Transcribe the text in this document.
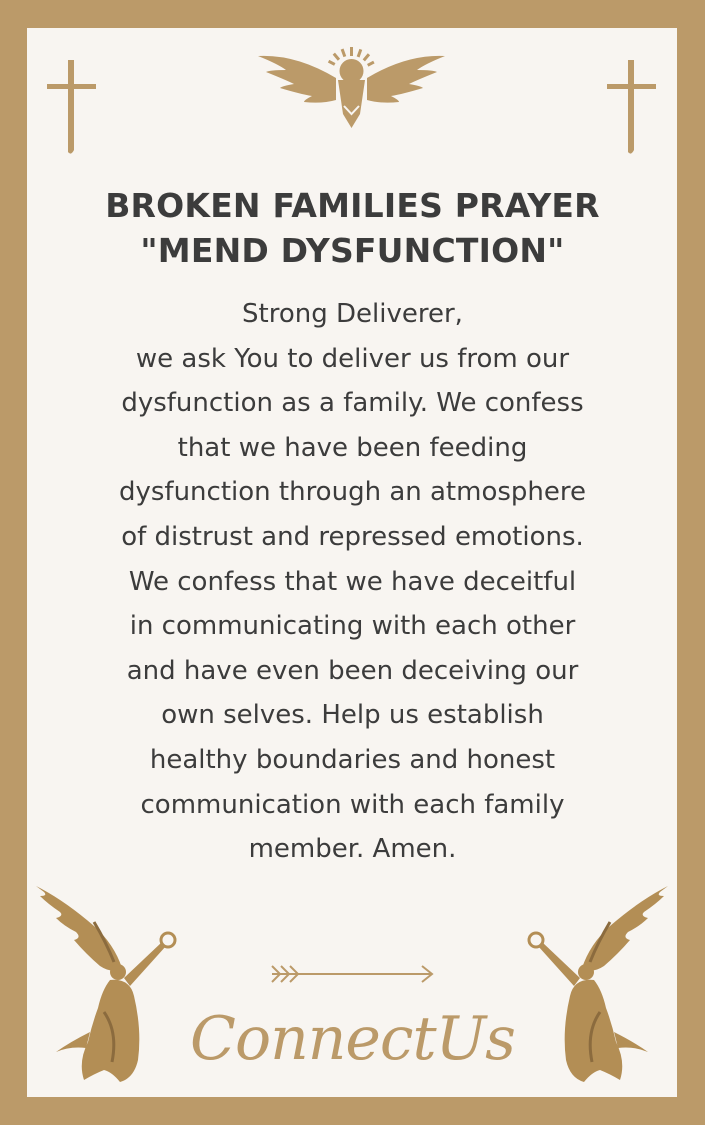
BROKEN FAMILIES PRAYER
"MEND DYSFUNCTION"
Strong Deliverer,
we ask You to deliver us from our
dysfunction as a family. We confess
that we have been feeding
dysfunction through an atmosphere
of distrust and repressed emotions.
We confess that we have deceitful
in communicating with each other
and have even been deceiving our
own selves. Help us establish
healthy boundaries and honest
communication with each family
member. Amen.
ConnectUs
